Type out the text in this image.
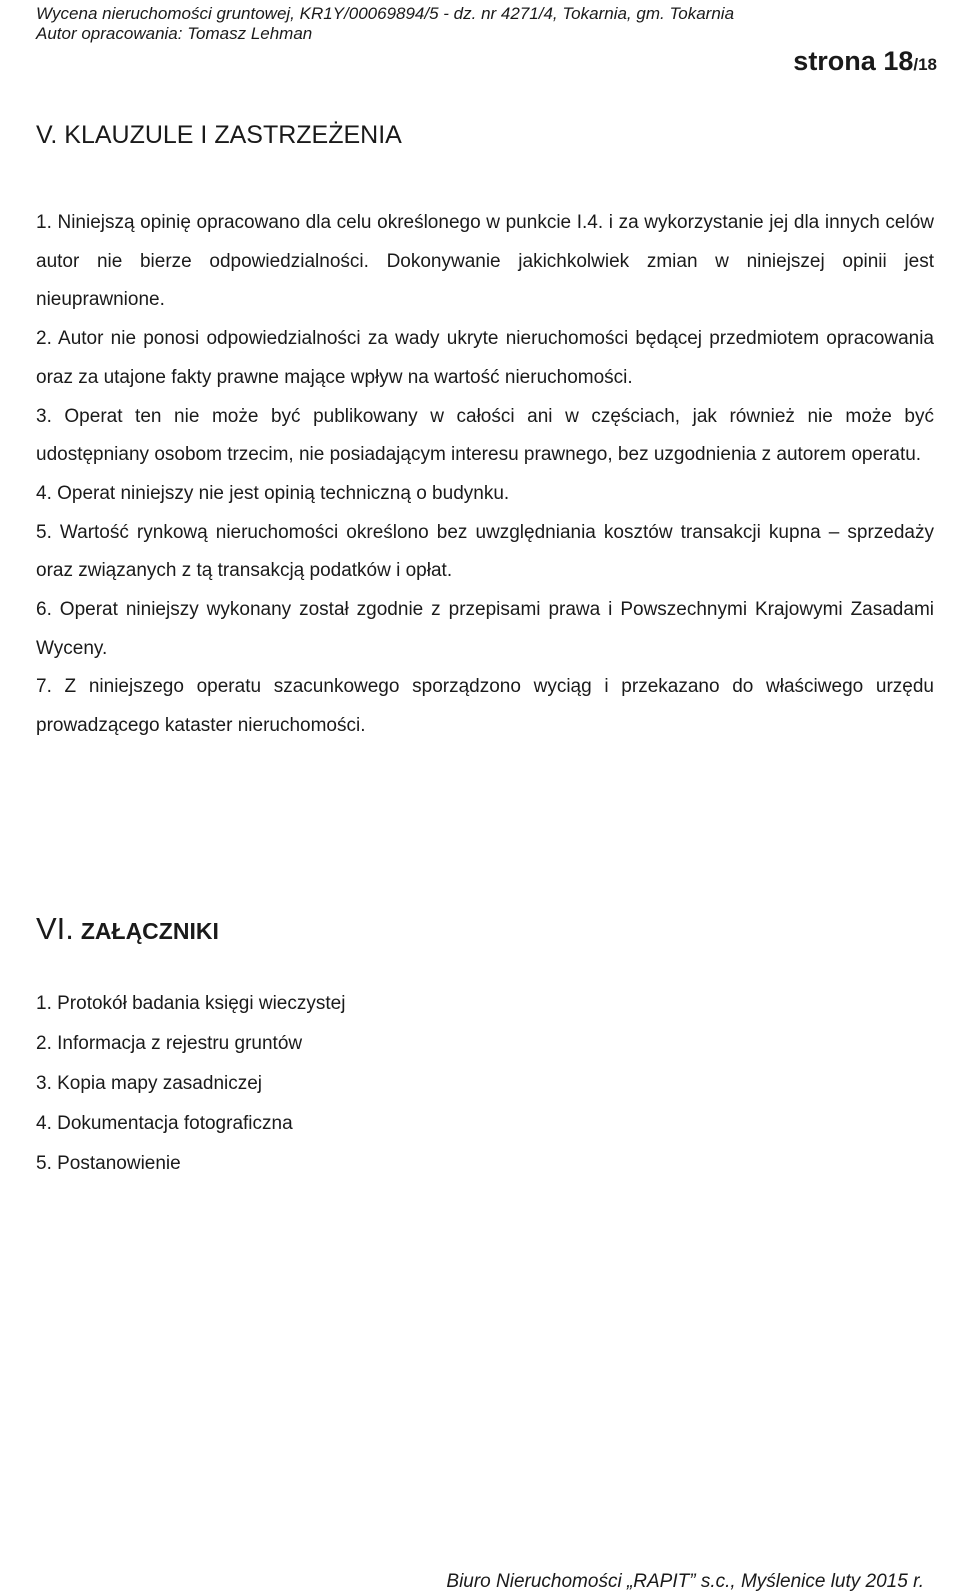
Wycena nieruchomości gruntowej, KR1Y/00069894/5 - dz. nr 4271/4, Tokarnia, gm. Tokarnia
Autor opracowania: Tomasz Lehman
strona 18/18
V. KLAUZULE I ZASTRZEŻENIA
1. Niniejszą opinię opracowano dla celu określonego w punkcie I.4. i za wykorzystanie jej dla innych celów autor nie bierze odpowiedzialności. Dokonywanie jakichkolwiek zmian w niniejszej opinii jest nieuprawnione.
2. Autor nie ponosi odpowiedzialności za wady ukryte nieruchomości będącej przedmiotem opracowania oraz za utajone fakty prawne mające wpływ na wartość nieruchomości.
3. Operat ten nie może być publikowany w całości ani w częściach, jak również nie może być udostępniany osobom trzecim, nie posiadającym interesu prawnego, bez uzgodnienia z autorem operatu.
4. Operat niniejszy nie jest opinią techniczną o budynku.
5. Wartość rynkową nieruchomości określono bez uwzględniania kosztów transakcji kupna – sprzedaży oraz związanych z tą transakcją podatków i opłat.
6. Operat niniejszy wykonany został zgodnie z przepisami prawa i Powszechnymi Krajowymi Zasadami Wyceny.
7. Z niniejszego operatu szacunkowego sporządzono wyciąg i przekazano do właściwego urzędu prowadzącego kataster nieruchomości.
VI. ZAŁĄCZNIKI
1. Protokół badania księgi wieczystej
2. Informacja z rejestru gruntów
3. Kopia mapy zasadniczej
4. Dokumentacja fotograficzna
5. Postanowienie
Biuro Nieruchomości „RAPIT” s.c., Myślenice luty 2015 r.
